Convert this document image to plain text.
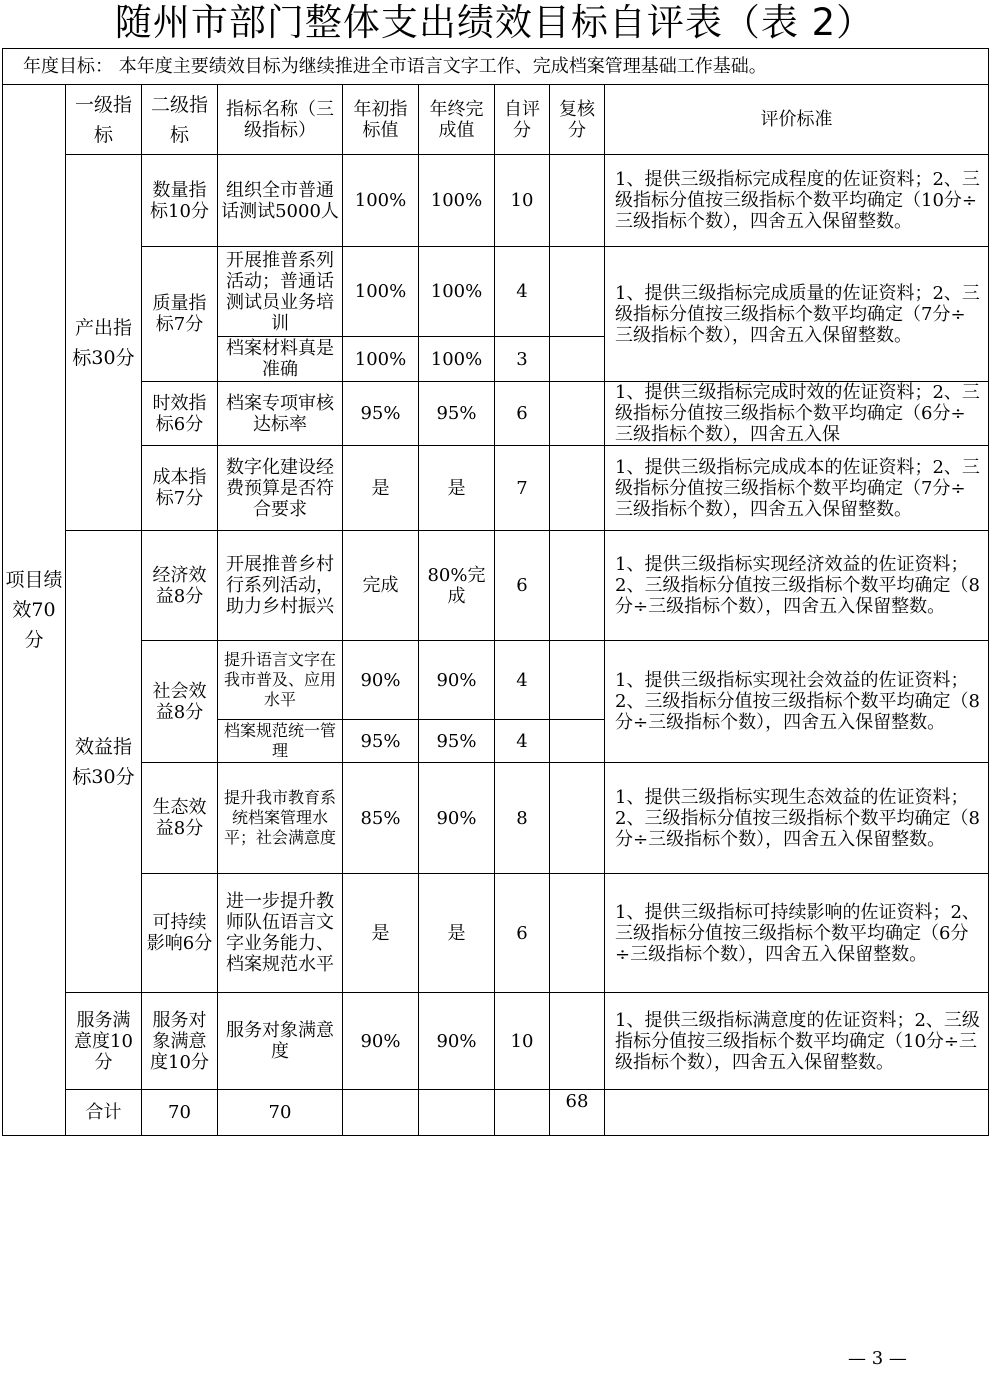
随州市部门整体支出绩效目标自评表（表 2）
年度目标： 本年度主要绩效目标为继续推进全市语言文字工作、完成档案管理基础工作基础。									
项目绩效70分	一级指标	二级指标	指标名称（三级指标）	年初指标值	年终完成值	自评分	复核分	评价标准	
	产出指标30分	数量指标10分	组织全市普通话测试5000人	100%	100%	10		1、提供三级指标完成程度的佐证资料；2、三级指标分值按三级指标个数平均确定（10分÷三级指标个数），四舍五入保留整数。	
		质量指标7分	开展推普系列活动；普通话测试员业务培训	100%	100%	4		1、提供三级指标完成质量的佐证资料；2、三级指标分值按三级指标个数平均确定（7分÷三级指标个数），四舍五入保留整数。	
			档案材料真是准确	100%	100%	3			
		时效指标6分	档案专项审核达标率	95%	95%	6		1、提供三级指标完成时效的佐证资料；2、三级指标分值按三级指标个数平均确定（6分÷三级指标个数），四舍五入保	
		成本指标7分	数字化建设经费预算是否符合要求	是	是	7		1、提供三级指标完成成本的佐证资料；2、三级指标分值按三级指标个数平均确定（7分÷三级指标个数），四舍五入保留整数。	
	效益指标30分	经济效益8分	开展推普乡村行系列活动，助力乡村振兴	完成	80%完成	6		1、提供三级指标实现经济效益的佐证资料；2、三级指标分值按三级指标个数平均确定（8分÷三级指标个数），四舍五入保留整数。	
		社会效益8分	提升语言文字在我市普及、应用水平	90%	90%	4		1、提供三级指标实现社会效益的佐证资料；2、三级指标分值按三级指标个数平均确定（8分÷三级指标个数），四舍五入保留整数。	
			档案规范统一管理	95%	95%	4			
		生态效益8分	提升我市教育系统档案管理水平；社会满意度	85%	90%	8		1、提供三级指标实现生态效益的佐证资料；2、三级指标分值按三级指标个数平均确定（8分÷三级指标个数），四舍五入保留整数。	
		可持续影响6分	进一步提升教师队伍语言文字业务能力、档案规范水平	是	是	6		1、提供三级指标可持续影响的佐证资料；2、三级指标分值按三级指标个数平均确定（6分÷三级指标个数），四舍五入保留整数。	
	服务满意度10分	服务对象满意度10分	服务对象满意度	90%	90%	10		1、提供三级指标满意度的佐证资料；2、三级指标分值按三级指标个数平均确定（10分÷三级指标个数），四舍五入保留整数。	
	合计	70	70				68		
— 3 —
